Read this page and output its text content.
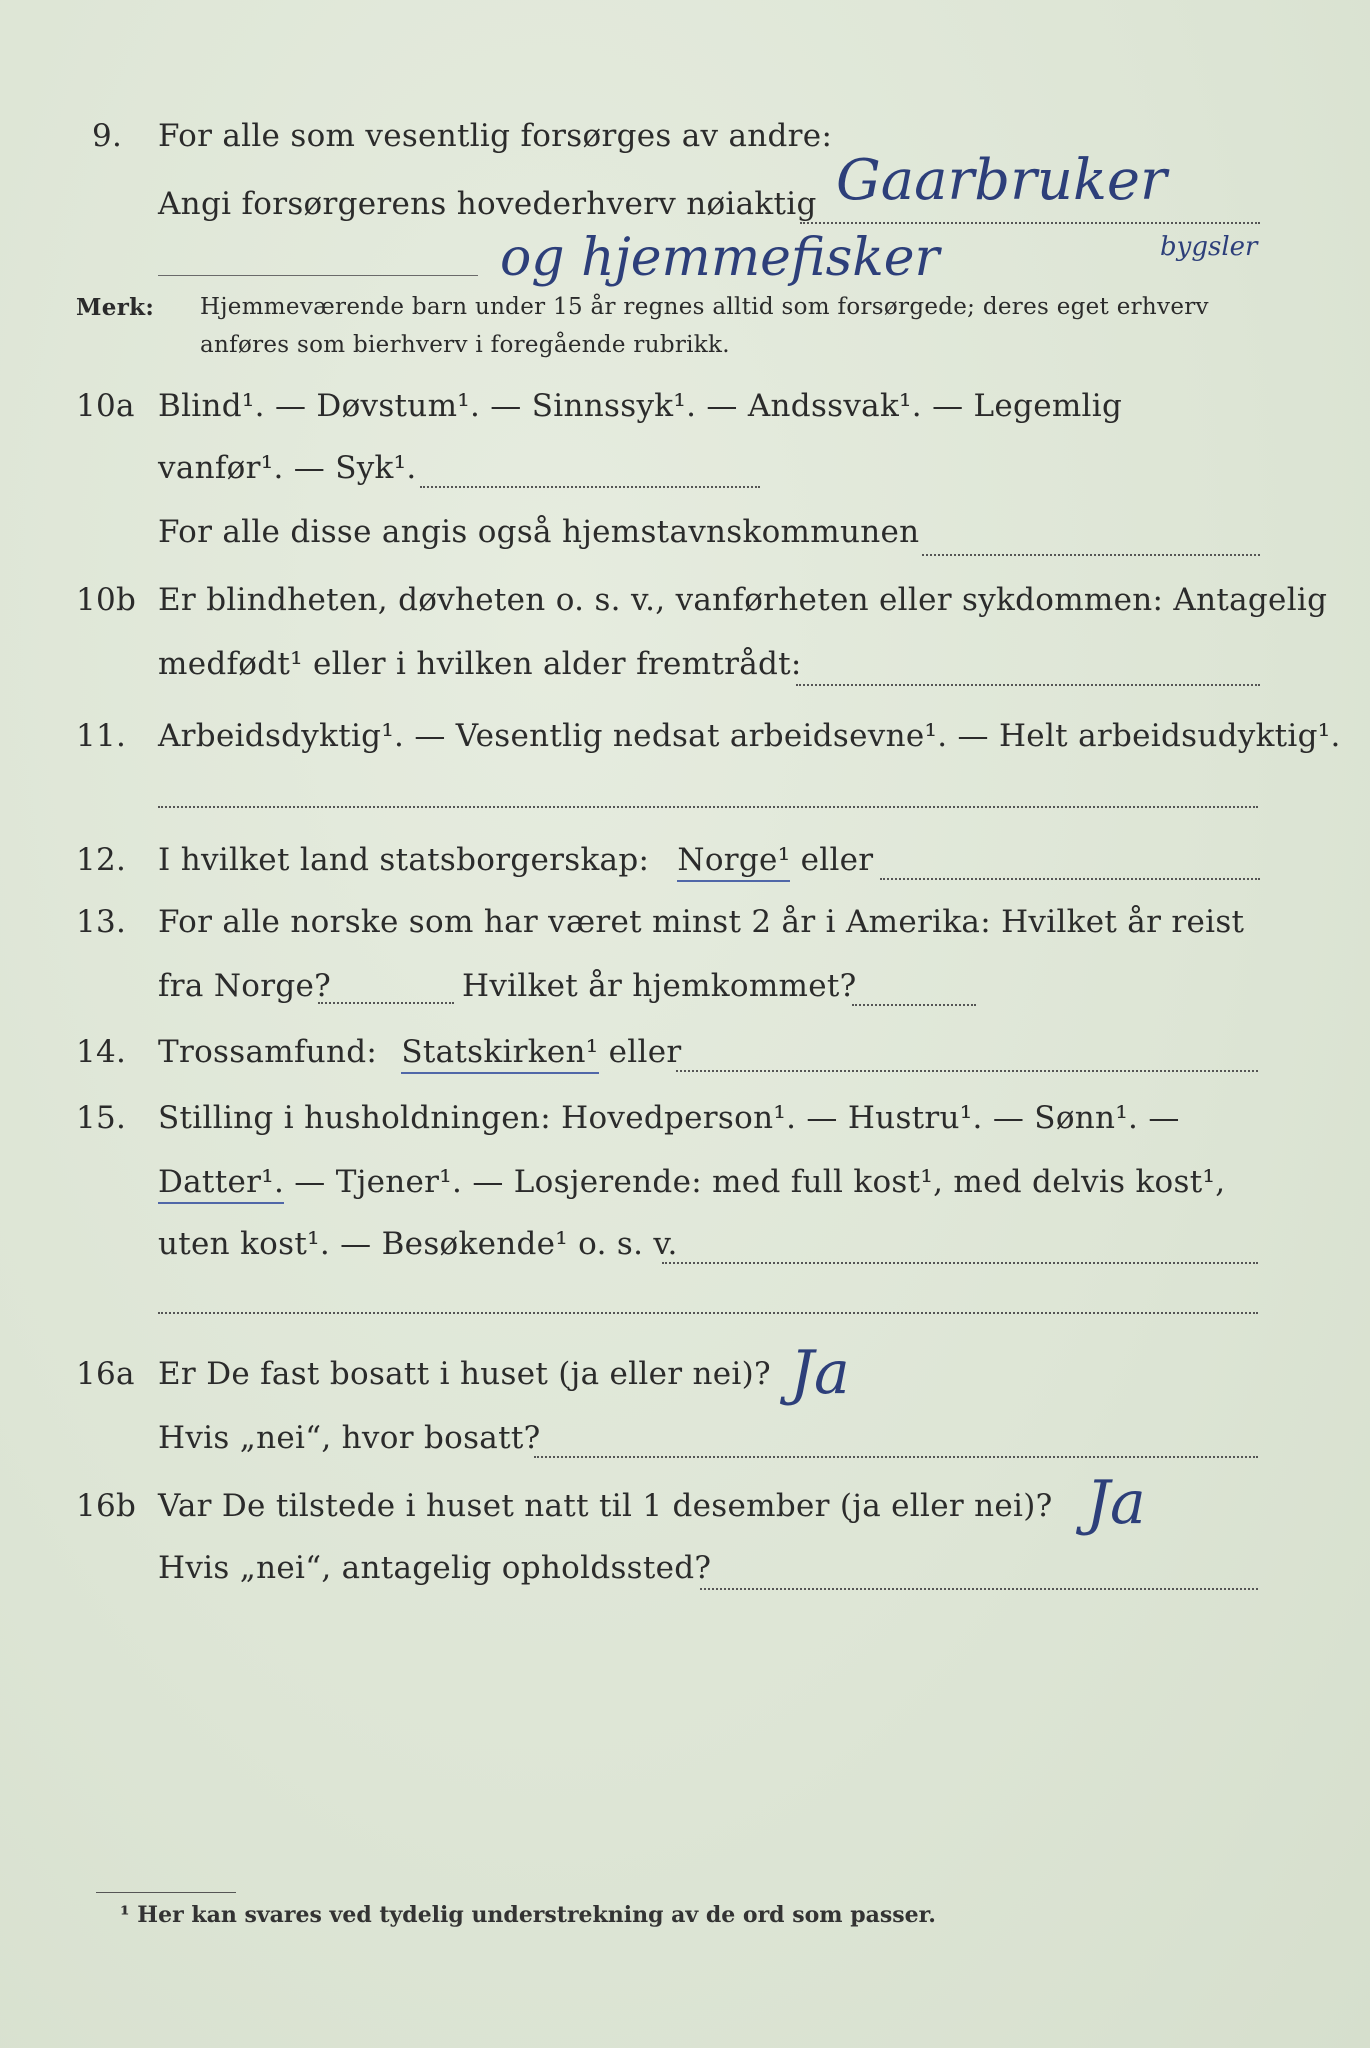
9. For alle som vesentlig forsørges av andre:
Gaarbruker
Angi forsørgerens hovederhverv nøiaktig
og hjemmefisker	bygsler
Merk: Hjemmeværende barn under 15 år regnes alltid som forsørgede; deres eget erhverv
anføres som bierhverv i foregående rubrikk.
10a Blind¹. — Døvstum¹. — Sinnssyk¹. — Andssvak¹. — Legemlig
vanfør¹. — Syk¹.
For alle disse angis også hjemstavnskommunen
10b Er blindheten, døvheten o. s. v., vanførheten eller sykdommen: Antagelig
medfødt¹ eller i hvilken alder fremtrådt:
11. Arbeidsdyktig¹. — Vesentlig nedsat arbeidsevne¹. — Helt arbeidsudyktig¹.
12. I hvilket land statsborgerskap: Norge¹ eller
13. For alle norske som har været minst 2 år i Amerika: Hvilket år reist
fra Norge?	Hvilket år hjemkommet?
14. Trossamfund: Statskirken¹ eller
15. Stilling i husholdningen: Hovedperson¹. — Hustru¹. — Sønn¹. —
Datter¹. — Tjener¹. — Losjerende: med full kost¹, med delvis kost¹,
uten kost¹. — Besøkende¹ o. s. v.
16a Er De fast bosatt i huset (ja eller nei)? Ja
Hvis „nei“, hvor bosatt?
16b Var De tilstede i huset natt til 1 desember (ja eller nei)? Ja
Hvis „nei“, antagelig opholdssted?
¹ Her kan svares ved tydelig understrekning av de ord som passer.
